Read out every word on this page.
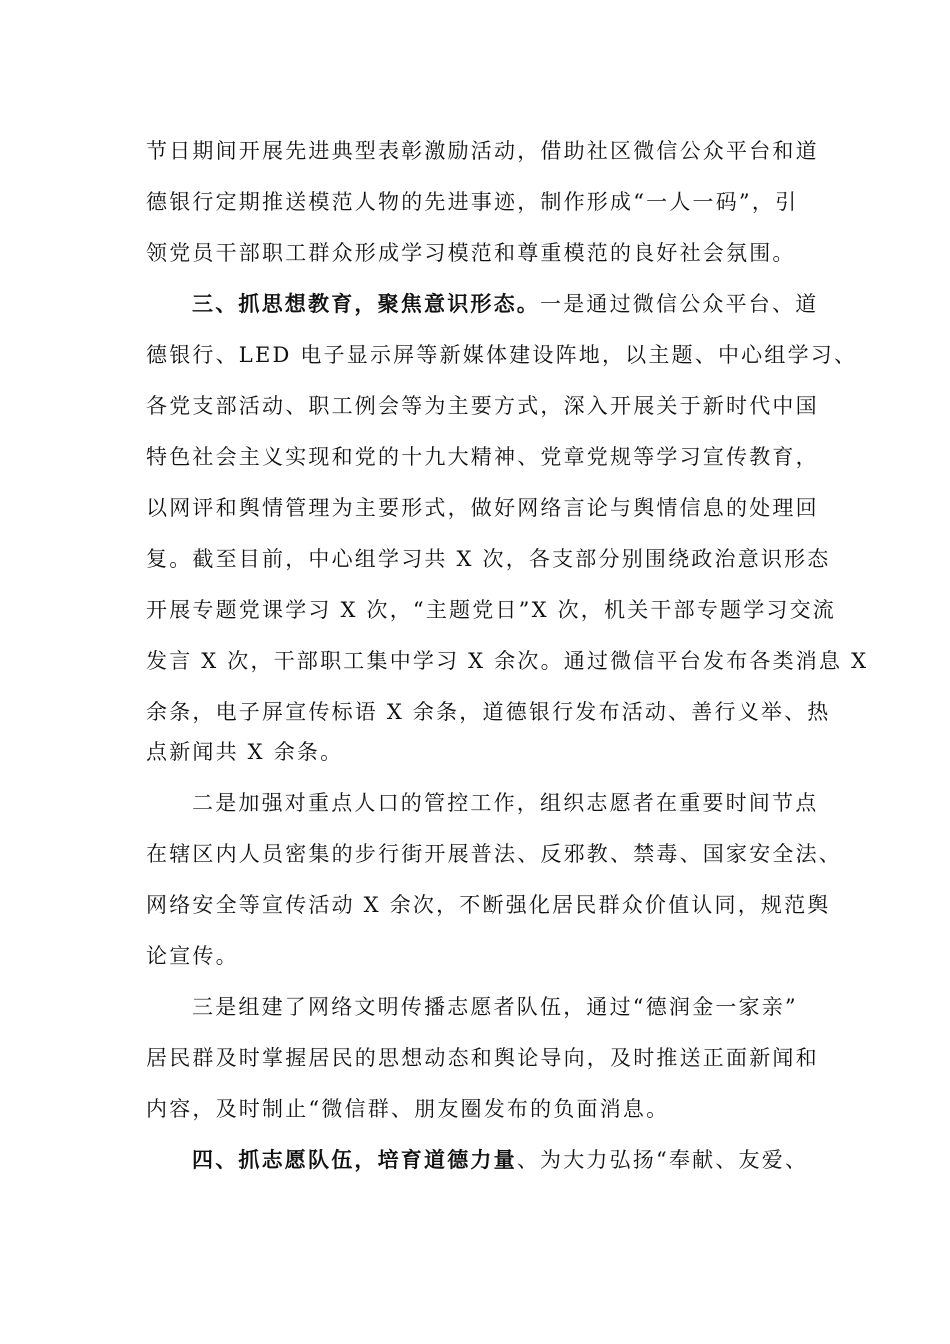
节日期间开展先进典型表彰激励活动，借助社区微信公众平台和道
德银行定期推送模范人物的先进事迹，制作形成“一人一码”，引
领党员干部职工群众形成学习模范和尊重模范的良好社会氛围。
三、抓思想教育，聚焦意识形态。一是通过微信公众平台、道
德银行、LED 电子显示屏等新媒体建设阵地，以主题、中心组学习、
各党支部活动、职工例会等为主要方式，深入开展关于新时代中国
特色社会主义实现和党的十九大精神、党章党规等学习宣传教育，
以网评和舆情管理为主要形式，做好网络言论与舆情信息的处理回
复。截至目前，中心组学习共 X 次，各支部分别围绕政治意识形态
开展专题党课学习 X 次，“主题党日”X 次，机关干部专题学习交流
发言 X 次，干部职工集中学习 X 余次。通过微信平台发布各类消息 X
余条，电子屏宣传标语 X 余条，道德银行发布活动、善行义举、热
点新闻共 X 余条。
二是加强对重点人口的管控工作，组织志愿者在重要时间节点
在辖区内人员密集的步行街开展普法、反邪教、禁毒、国家安全法、
网络安全等宣传活动 X 余次，不断强化居民群众价值认同，规范舆
论宣传。
三是组建了网络文明传播志愿者队伍，通过“德润金一家亲”
居民群及时掌握居民的思想动态和舆论导向，及时推送正面新闻和
内容，及时制止“微信群、朋友圈发布的负面消息。
四、抓志愿队伍，培育道德力量、为大力弘扬“奉献、友爱、
